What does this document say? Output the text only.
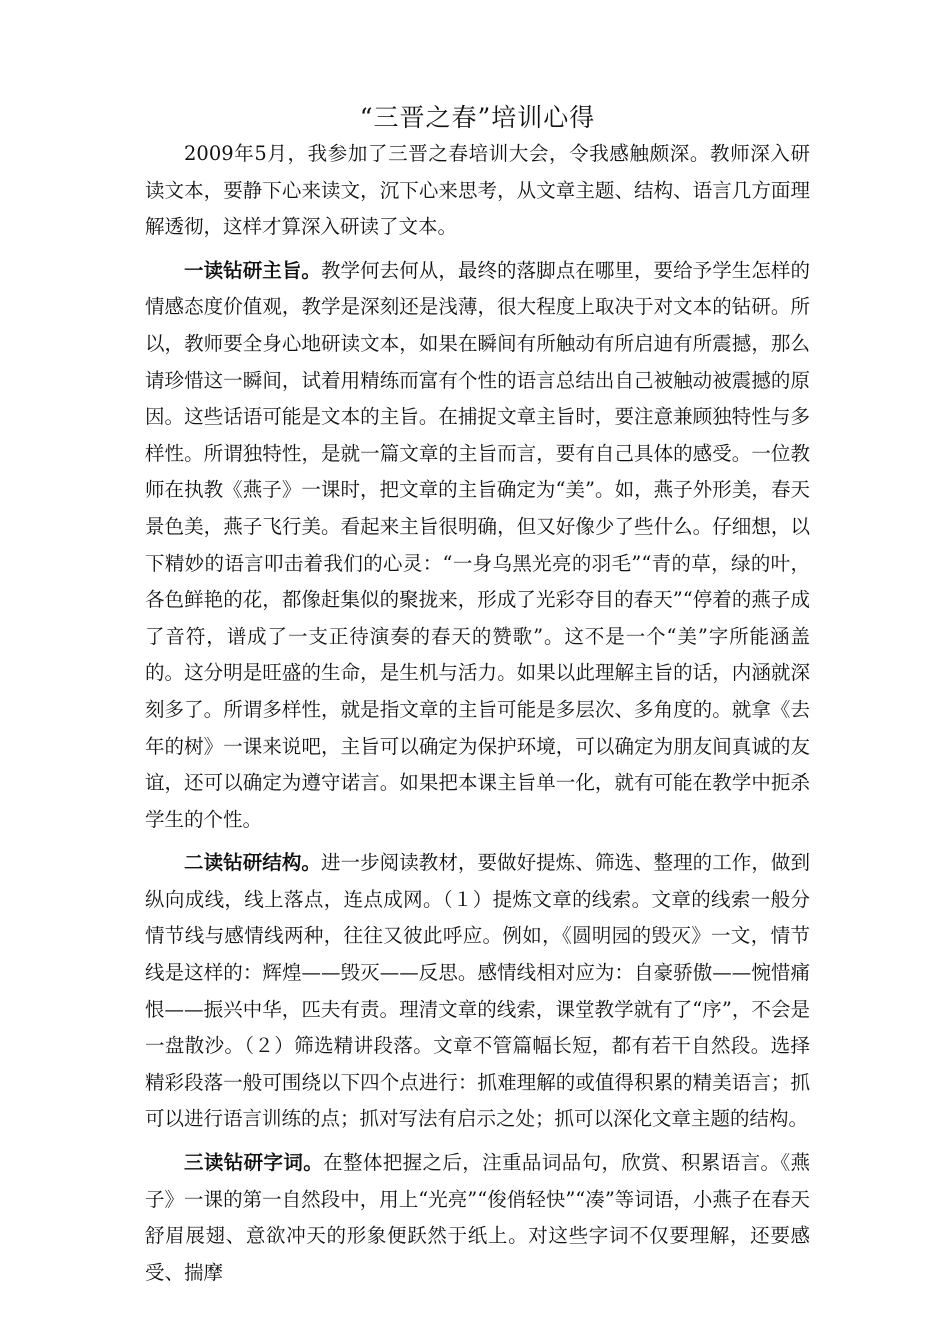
“三晋之春”培训心得

2009年5月，我参加了三晋之春培训大会，令我感触颇深。教师深入研读文本，要静下心来读文，沉下心来思考，从文章主题、结构、语言几方面理解透彻，这样才算深入研读了文本。

一读钻研主旨。教学何去何从，最终的落脚点在哪里，要给予学生怎样的情感态度价值观，教学是深刻还是浅薄，很大程度上取决于对文本的钻研。所以，教师要全身心地研读文本，如果在瞬间有所触动有所启迪有所震撼，那么请珍惜这一瞬间，试着用精练而富有个性的语言总结出自己被触动被震撼的原因。这些话语可能是文本的主旨。在捕捉文章主旨时，要注意兼顾独特性与多样性。所谓独特性，是就一篇文章的主旨而言，要有自己具体的感受。一位教师在执教《燕子》一课时，把文章的主旨确定为“美”。如，燕子外形美，春天景色美，燕子飞行美。看起来主旨很明确，但又好像少了些什么。仔细想，以下精妙的语言叩击着我们的心灵：“一身乌黑光亮的羽毛”“青的草，绿的叶，各色鲜艳的花，都像赶集似的聚拢来，形成了光彩夺目的春天”“停着的燕子成了音符，谱成了一支正待演奏的春天的赞歌”。这不是一个“美”字所能涵盖的。这分明是旺盛的生命，是生机与活力。如果以此理解主旨的话，内涵就深刻多了。所谓多样性，就是指文章的主旨可能是多层次、多角度的。就拿《去年的树》一课来说吧，主旨可以确定为保护环境，可以确定为朋友间真诚的友谊，还可以确定为遵守诺言。如果把本课主旨单一化，就有可能在教学中扼杀学生的个性。

二读钻研结构。进一步阅读教材，要做好提炼、筛选、整理的工作，做到纵向成线，线上落点，连点成网。（１）提炼文章的线索。文章的线索一般分情节线与感情线两种，往往又彼此呼应。例如，《圆明园的毁灭》一文，情节线是这样的：辉煌——毁灭——反思。感情线相对应为：自豪骄傲——惋惜痛恨——振兴中华，匹夫有责。理清文章的线索，课堂教学就有了“序”，不会是一盘散沙。（２）筛选精讲段落。文章不管篇幅长短，都有若干自然段。选择精彩段落一般可围绕以下四个点进行：抓难理解的或值得积累的精美语言；抓可以进行语言训练的点；抓对写法有启示之处；抓可以深化文章主题的结构。

三读钻研字词。在整体把握之后，注重品词品句，欣赏、积累语言。《燕子》一课的第一自然段中，用上“光亮”“俊俏轻快”“凑”等词语，小燕子在春天舒眉展翅、意欲冲天的形象便跃然于纸上。对这些字词不仅要理解，还要感受、揣摩
